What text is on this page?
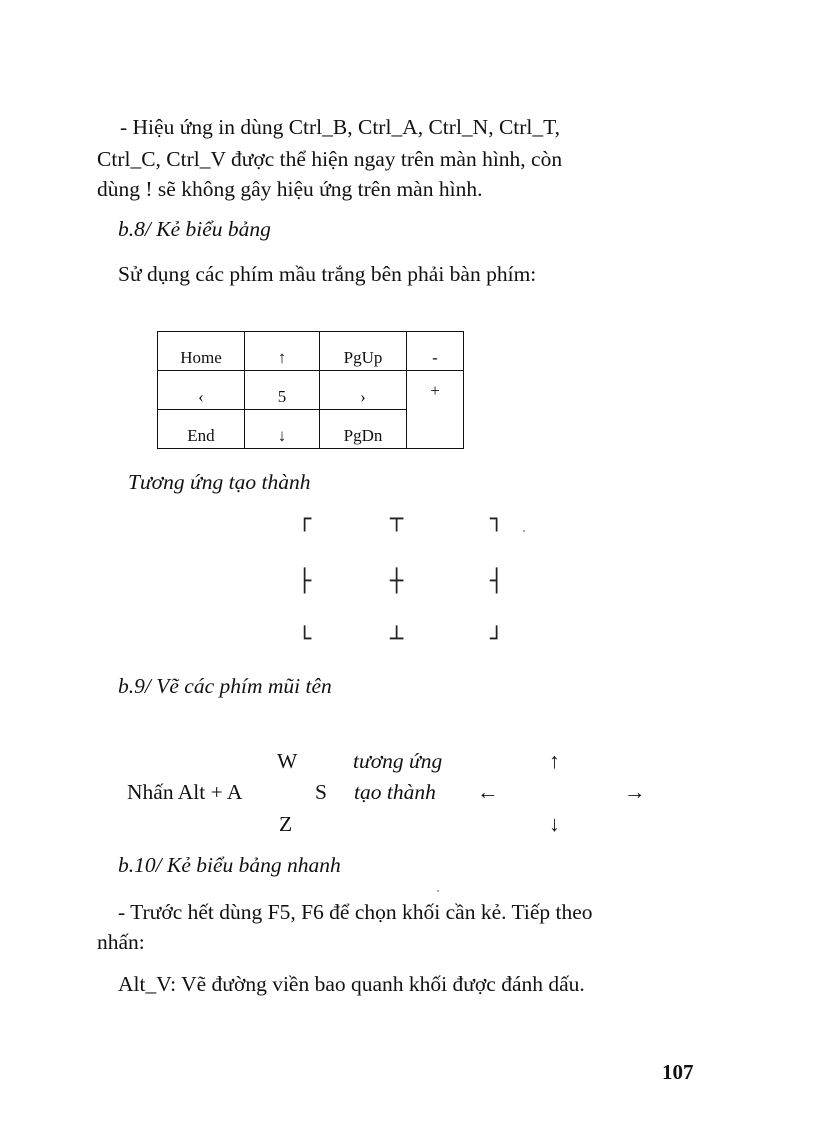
- Hiệu ứng in dùng Ctrl_B, Ctrl_A, Ctrl_N, Ctrl_T,
Ctrl_C, Ctrl_V được thể hiện ngay trên màn hình, còn
dùng ! sẽ không gây hiệu ứng trên màn hình.
b.8/ Kẻ biểu bảng
Sử dụng các phím mầu trắng bên phải bàn phím:
Home	↑	PgUp	-
‹	5	›	+
End	↓	PgDn	
Tương ứng tạo thành
┌	┬	┐
├	┼	┤
└	┴	┘
b.9/ Vẽ các phím mũi tên
W	tương ứng	↑
Nhấn Alt + A	S tạo thành ←	→
Z	↓
b.10/ Kẻ biểu bảng nhanh
- Trước hết dùng F5, F6 để chọn khối cần kẻ. Tiếp theo
nhấn:
Alt_V: Vẽ đường viền bao quanh khối được đánh dấu.
107
